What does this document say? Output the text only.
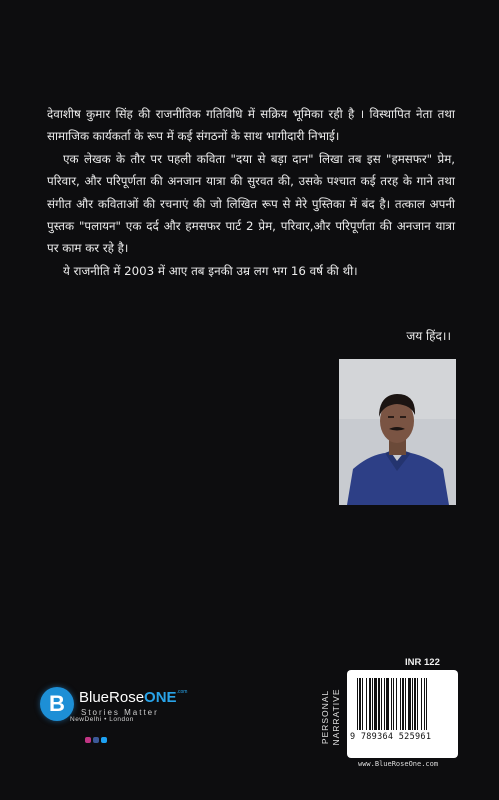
देवाशीष कुमार सिंह की राजनीतिक गतिविधि में सक्रिय भूमिका रही है । विस्थापित नेता तथा सामाजिक कार्यकर्ता के रूप में कई संगठनों के साथ भागीदारी निभाई।

एक लेखक के तौर पर पहली कविता "दया से बड़ा दान" लिखा तब इस "हमसफर" प्रेम, परिवार, और परिपूर्णता की अनजान यात्रा की सुरवत की, उसके पश्चात कई तरह के गाने तथा संगीत और कविताओं की रचनाएं की जो लिखित रूप से मेरे पुस्तिका में बंद है। तत्काल अपनी पुस्तक "पलायन" एक दर्द और हमसफर पार्ट 2 प्रेम, परिवार,और परिपूर्णता की अनजान यात्रा पर काम कर रहे है।

ये राजनीति में 2003 में आए तब इनकी उम्र लग भग 16 वर्ष की थी।

जय हिंद।।
INR 122
PERSONAL NARRATIVE 9 789364 525961
www.BlueRoseOne.com
B BlueRoseONE$^{.com}$
Stories Matter
NewDelhi • London
